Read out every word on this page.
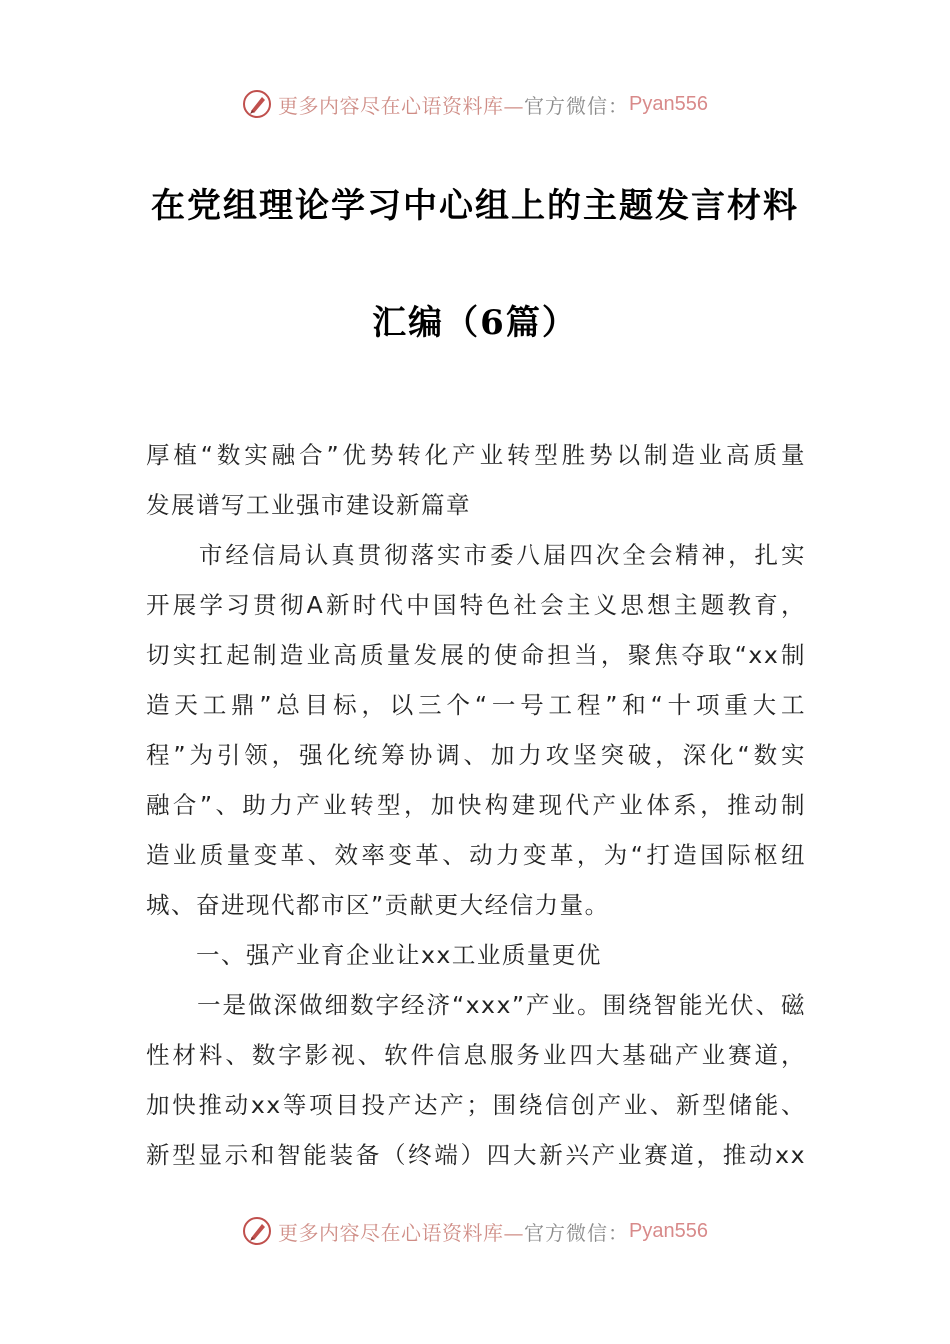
更多内容尽在心语资料库— 官方微信： Pyan556
在党组理论学习中心组上的主题发言材料
汇编（6篇）
厚植“数实融合”优势转化产业转型胜势以制造业高质量
发展谱写工业强市建设新篇章
　　市经信局认真贯彻落实市委八届四次全会精神，扎实
开展学习贯彻A新时代中国特色社会主义思想主题教育，
切实扛起制造业高质量发展的使命担当，聚焦夺取“xx制
造天工鼎”总目标，以三个“一号工程”和“十项重大工
程”为引领，强化统筹协调、加力攻坚突破，深化“数实
融合”、助力产业转型，加快构建现代产业体系，推动制
造业质量变革、效率变革、动力变革，为“打造国际枢纽
城、奋进现代都市区”贡献更大经信力量。
　　一、强产业育企业让xx工业质量更优
　　一是做深做细数字经济“xxx”产业。围绕智能光伏、磁
性材料、数字影视、软件信息服务业四大基础产业赛道，
加快推动xx等项目投产达产；围绕信创产业、新型储能、
新型显示和智能装备（终端）四大新兴产业赛道，推动xx
更多内容尽在心语资料库— 官方微信： Pyan556
